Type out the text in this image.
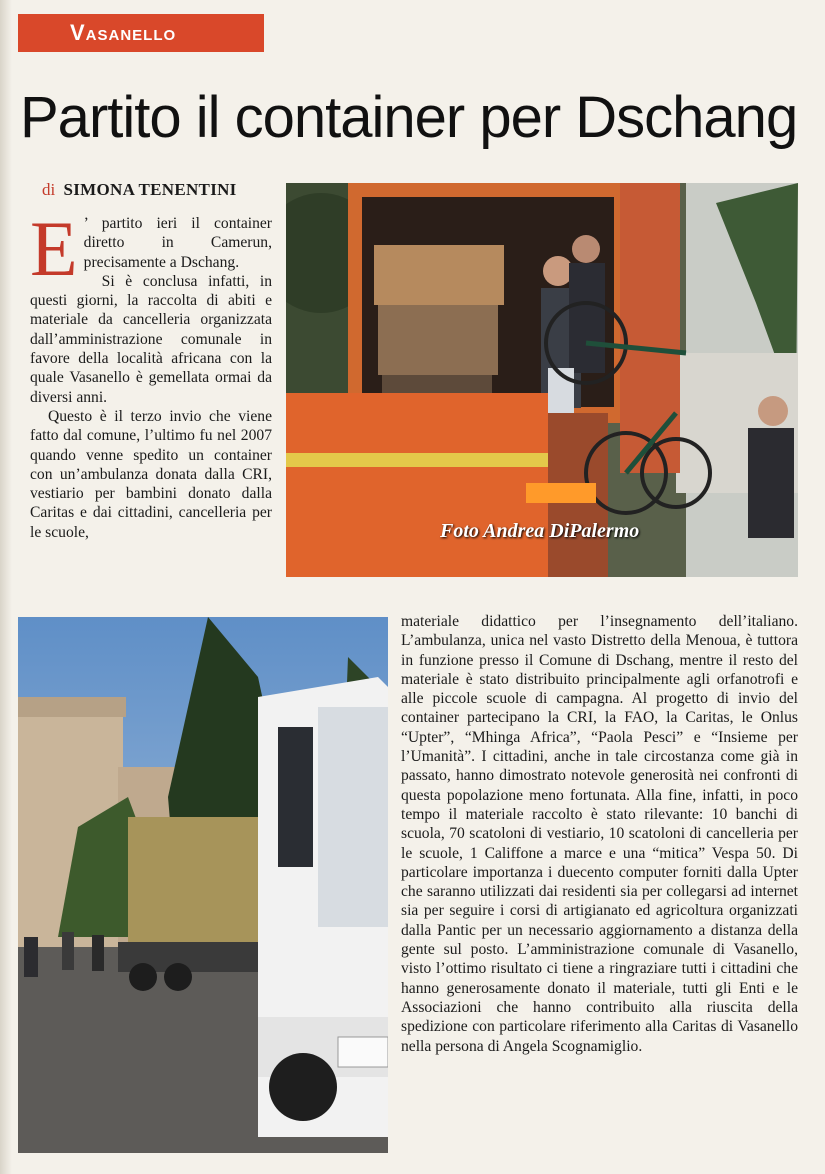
Vasanello
Partito il container per Dschang
di SIMONA TENENTINI

E ’ partito ieri il container diretto in Camerun, precisamente a Dschang.

Si è conclusa infatti, in questi giorni, la raccolta di abiti e materiale da cancelleria organizzata dall’amministrazione comunale in favore della località africana con la quale Vasanello è gemellata ormai da diversi anni.

Questo è il terzo invio che viene fatto dal comune, l’ultimo fu nel 2007 quando venne spedito un container con un’ambulanza donata dalla CRI, vestiario per bambini donato dalla Caritas e dai cittadini, cancelleria per le scuole,	Foto Andrea DiPalermo

materiale didattico per l’insegnamento dell’italiano. L’ambulanza, unica nel vasto Distretto della Menoua, è tuttora in funzione presso il Comune di Dschang, mentre il resto del materiale è stato distribuito principalmente agli orfanotrofi e alle piccole scuole di campagna. Al progetto di invio del container partecipano la CRI, la FAO, la Caritas, le Onlus “Upter”, “Mhinga Africa”, “Paola Pesci” e “Insieme per l’Umanità”. I cittadini, anche in tale circostanza come già in passato, hanno dimostrato notevole generosità nei confronti di questa popolazione meno fortunata. Alla fine, infatti, in poco tempo il materiale raccolto è stato rilevante: 10 banchi di scuola, 70 scatoloni di vestiario, 10 scatoloni di cancelleria per le scuole, 1 Califfone a marce e una “mitica” Vespa 50. Di particolare importanza i duecento computer forniti dalla Upter che saranno utilizzati dai residenti sia per collegarsi ad internet sia per seguire i corsi di artigianato ed agricoltura organizzati dalla Pantic per un necessario aggiornamento a distanza della gente sul posto. L’amministrazione comunale di Vasanello, visto l’ottimo risultato ci tiene a ringraziare tutti i cittadini che hanno generosamente donato il materiale, tutti gli Enti e le Associazioni che hanno contribuito alla riuscita della spedizione con particolare riferimento alla Caritas di Vasanello nella persona di Angela Scognamiglio.
